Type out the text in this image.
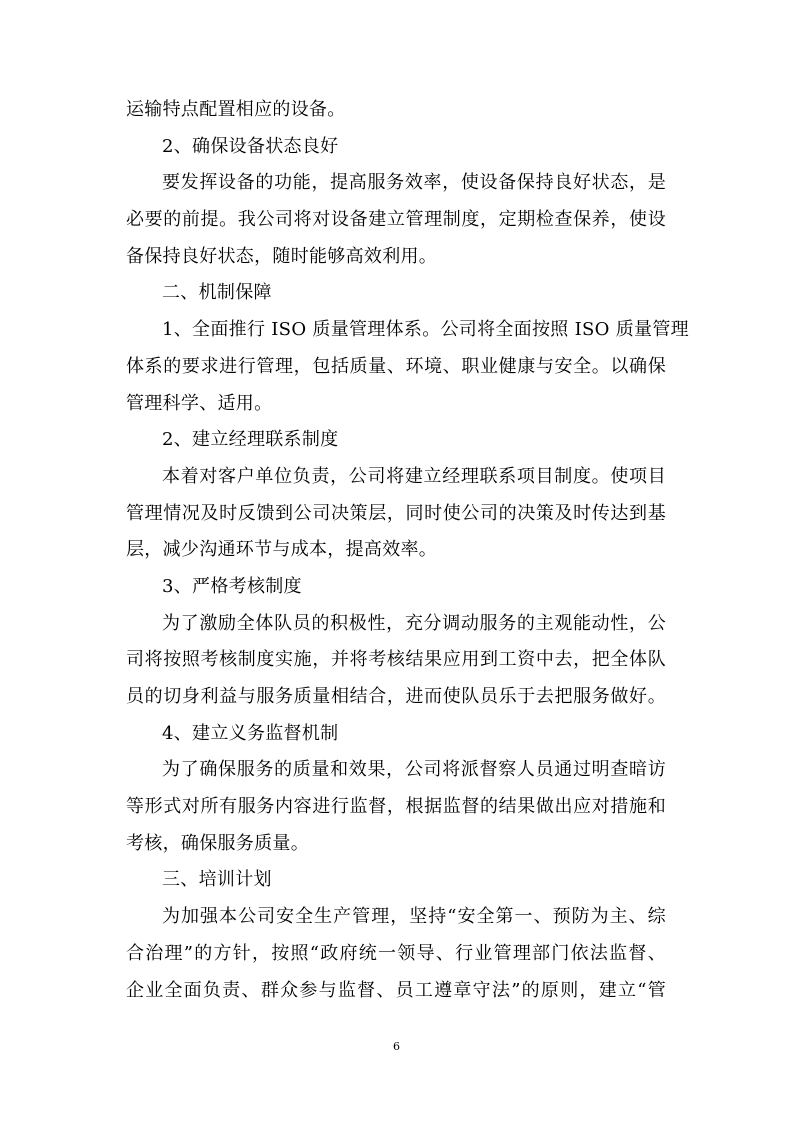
运输特点配置相应的设备。
2、确保设备状态良好
要发挥设备的功能，提高服务效率，使设备保持良好状态，是
必要的前提。我公司将对设备建立管理制度，定期检查保养，使设
备保持良好状态，随时能够高效利用。
二、机制保障
1、全面推行 ISO 质量管理体系。公司将全面按照 ISO 质量管理
体系的要求进行管理，包括质量、环境、职业健康与安全。以确保
管理科学、适用。
2、建立经理联系制度
本着对客户单位负责，公司将建立经理联系项目制度。使项目
管理情况及时反馈到公司决策层，同时使公司的决策及时传达到基
层，减少沟通环节与成本，提高效率。
3、严格考核制度
为了激励全体队员的积极性，充分调动服务的主观能动性，公
司将按照考核制度实施，并将考核结果应用到工资中去，把全体队
员的切身利益与服务质量相结合，进而使队员乐于去把服务做好。
4、建立义务监督机制
为了确保服务的质量和效果，公司将派督察人员通过明查暗访
等形式对所有服务内容进行监督，根据监督的结果做出应对措施和
考核，确保服务质量。
三、培训计划
为加强本公司安全生产管理，坚持“安全第一、预防为主、综
合治理”的方针，按照“政府统一领导、行业管理部门依法监督、
企业全面负责、群众参与监督、员工遵章守法”的原则，建立“管
6
